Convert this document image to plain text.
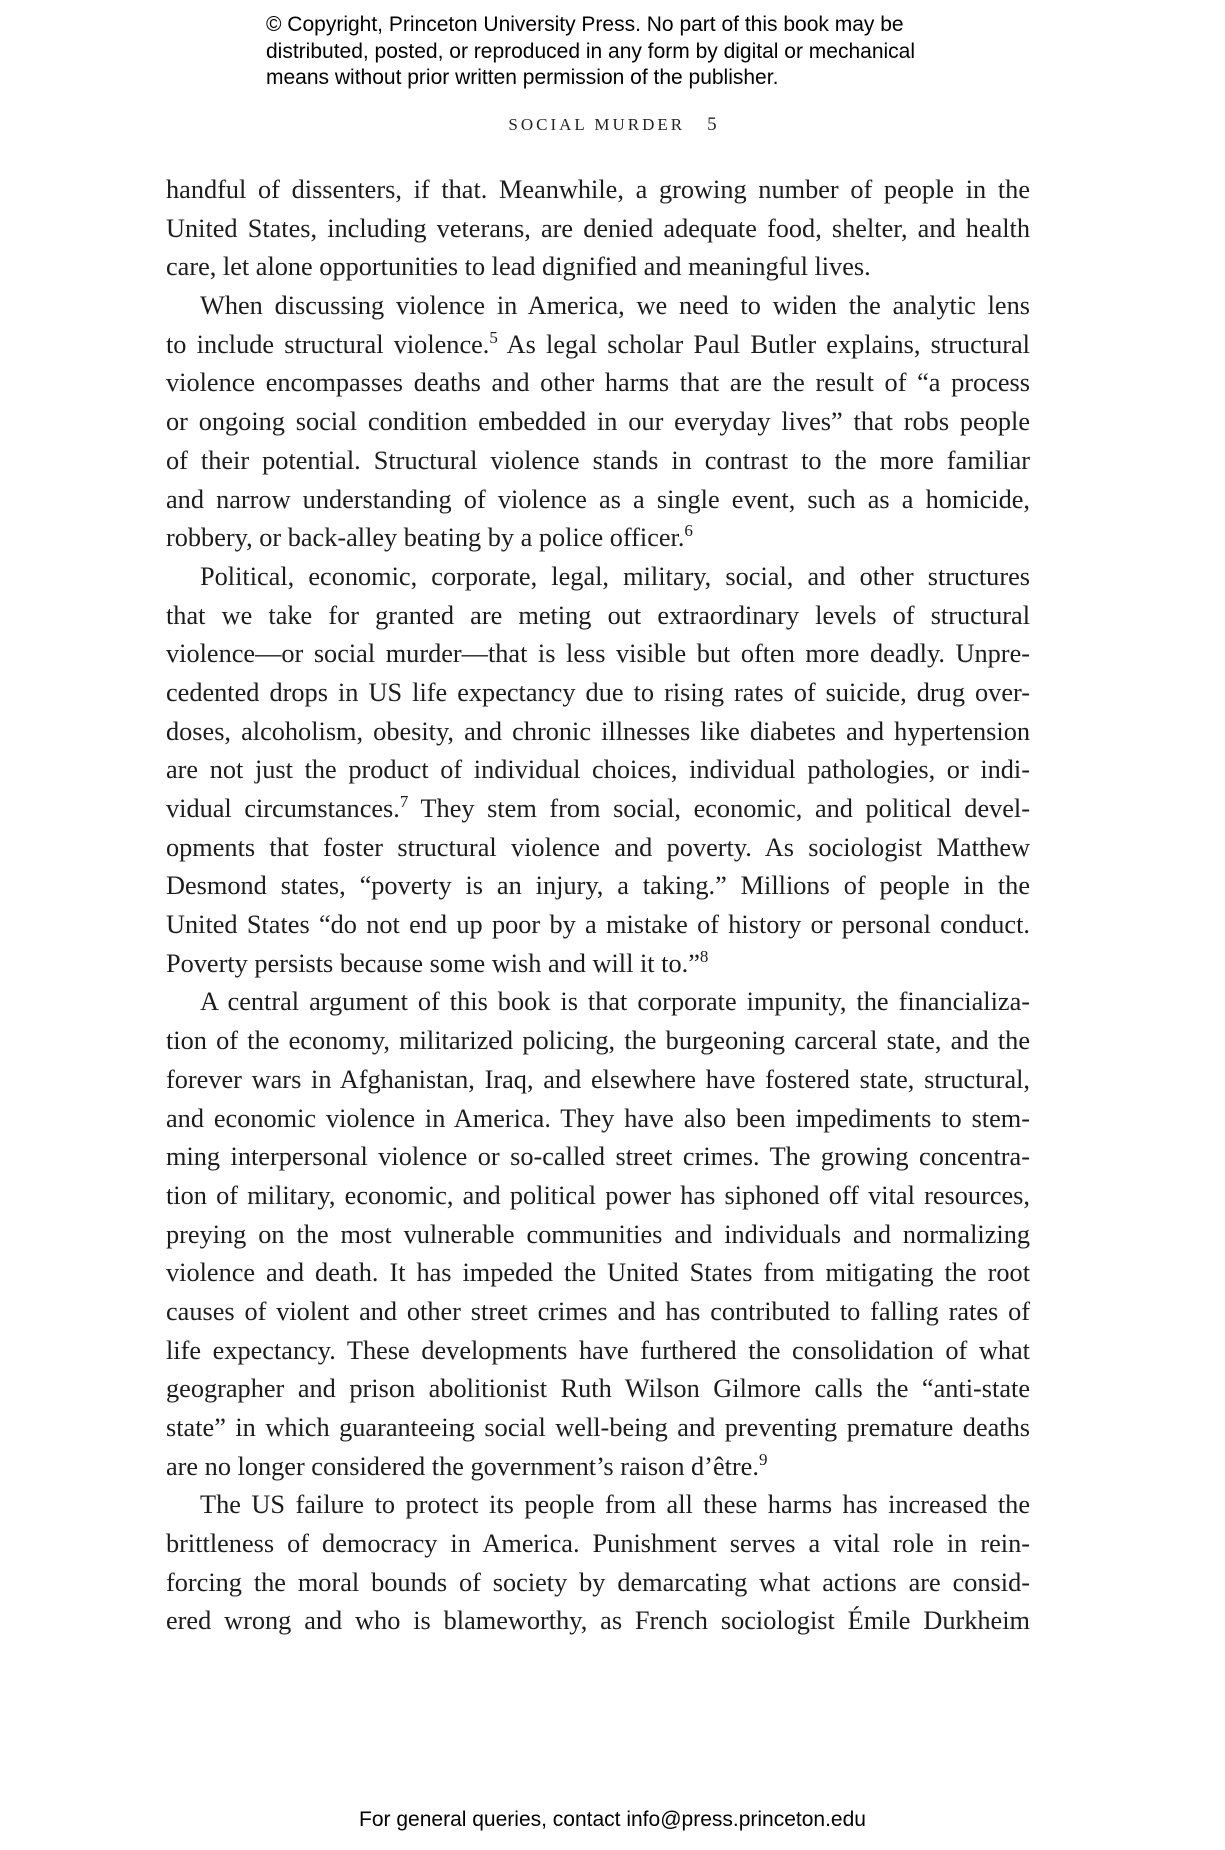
© Copyright, Princeton University Press. No part of this book may be
distributed, posted, or reproduced in any form by digital or mechanical
means without prior written permission of the publisher.
SOCIAL MURDER 5
handful of dissenters, if that. Meanwhile, a growing number of people in the
United States, including veterans, are denied adequate food, shelter, and health
care, let alone opportunities to lead dignified and meaningful lives.
When discussing violence in America, we need to widen the analytic lens
to include structural violence.$^5$ As legal scholar Paul Butler explains, structural
violence encompasses deaths and other harms that are the result of “a process
or ongoing social condition embedded in our everyday lives” that robs people
of their potential. Structural violence stands in contrast to the more familiar
and narrow understanding of violence as a single event, such as a homicide,
robbery, or back-alley beating by a police officer.$^6$
Political, economic, corporate, legal, military, social, and other structures
that we take for granted are meting out extraordinary levels of structural
violence—or social murder—that is less visible but often more deadly. Unpre-
cedented drops in US life expectancy due to rising rates of suicide, drug over-
doses, alcoholism, obesity, and chronic illnesses like diabetes and hypertension
are not just the product of individual choices, individual pathologies, or indi-
vidual circumstances.$^7$ They stem from social, economic, and political devel-
opments that foster structural violence and poverty. As sociologist Matthew
Desmond states, “poverty is an injury, a taking.” Millions of people in the
United States “do not end up poor by a mistake of history or personal conduct.
Poverty persists because some wish and will it to.”$^8$
A central argument of this book is that corporate impunity, the financializa-
tion of the economy, militarized policing, the burgeoning carceral state, and the
forever wars in Afghanistan, Iraq, and elsewhere have fostered state, structural,
and economic violence in America. They have also been impediments to stem-
ming interpersonal violence or so-called street crimes. The growing concentra-
tion of military, economic, and political power has siphoned off vital resources,
preying on the most vulnerable communities and individuals and normalizing
violence and death. It has impeded the United States from mitigating the root
causes of violent and other street crimes and has contributed to falling rates of
life expectancy. These developments have furthered the consolidation of what
geographer and prison abolitionist Ruth Wilson Gilmore calls the “anti-state
state” in which guaranteeing social well-being and preventing premature deaths
are no longer considered the government’s raison d’être.$^9$
The US failure to protect its people from all these harms has increased the
brittleness of democracy in America. Punishment serves a vital role in rein-
forcing the moral bounds of society by demarcating what actions are consid-
ered wrong and who is blameworthy, as French sociologist Émile Durkheim
For general queries, contact info@press.princeton.edu
